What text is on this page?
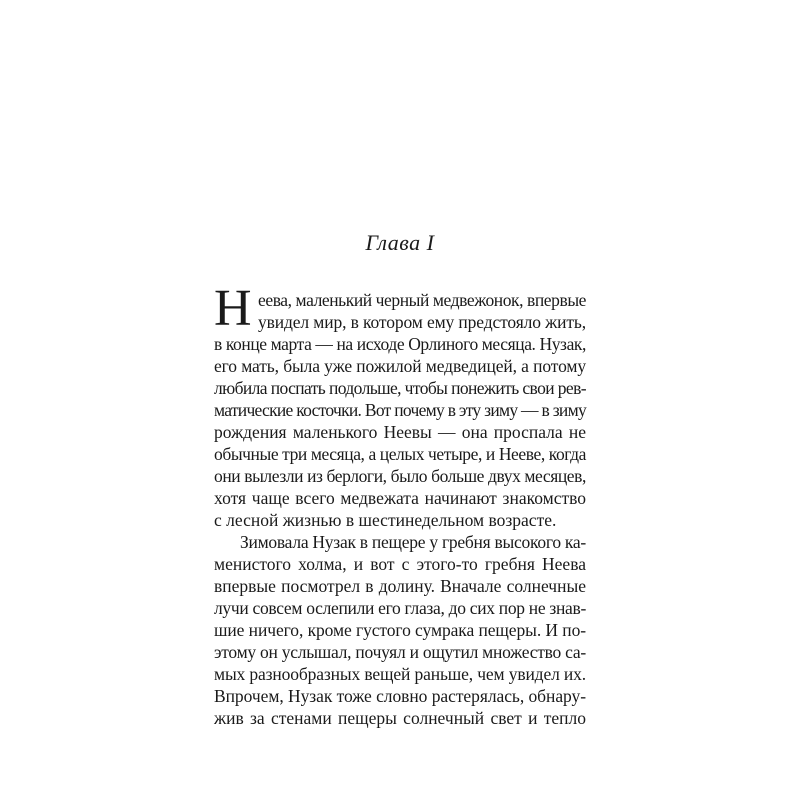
Глава I
Н еева, маленький черный медвежонок, впервые
увидел мир, в котором ему предстояло жить,
в конце марта — на исходе Орлиного месяца. Нузак,
его мать, была уже пожилой медведицей, а потому
любила поспать подольше, чтобы понежить свои рев-
матические косточки. Вот почему в эту зиму — в зиму
рождения маленького Неевы — она проспала не
обычные три месяца, а целых четыре, и Нееве, когда
они вылезли из берлоги, было больше двух месяцев,
хотя чаще всего медвежата начинают знакомство
с лесной жизнью в шестинедельном возрасте.
Зимовала Нузак в пещере у гребня высокого ка-
менистого холма, и вот с этого-то гребня Неева
впервые посмотрел в долину. Вначале солнечные
лучи совсем ослепили его глаза, до сих пор не знав-
шие ничего, кроме густого сумрака пещеры. И по-
этому он услышал, почуял и ощутил множество са-
мых разнообразных вещей раньше, чем увидел их.
Впрочем, Нузак тоже словно растерялась, обнару-
жив за стенами пещеры солнечный свет и тепло
